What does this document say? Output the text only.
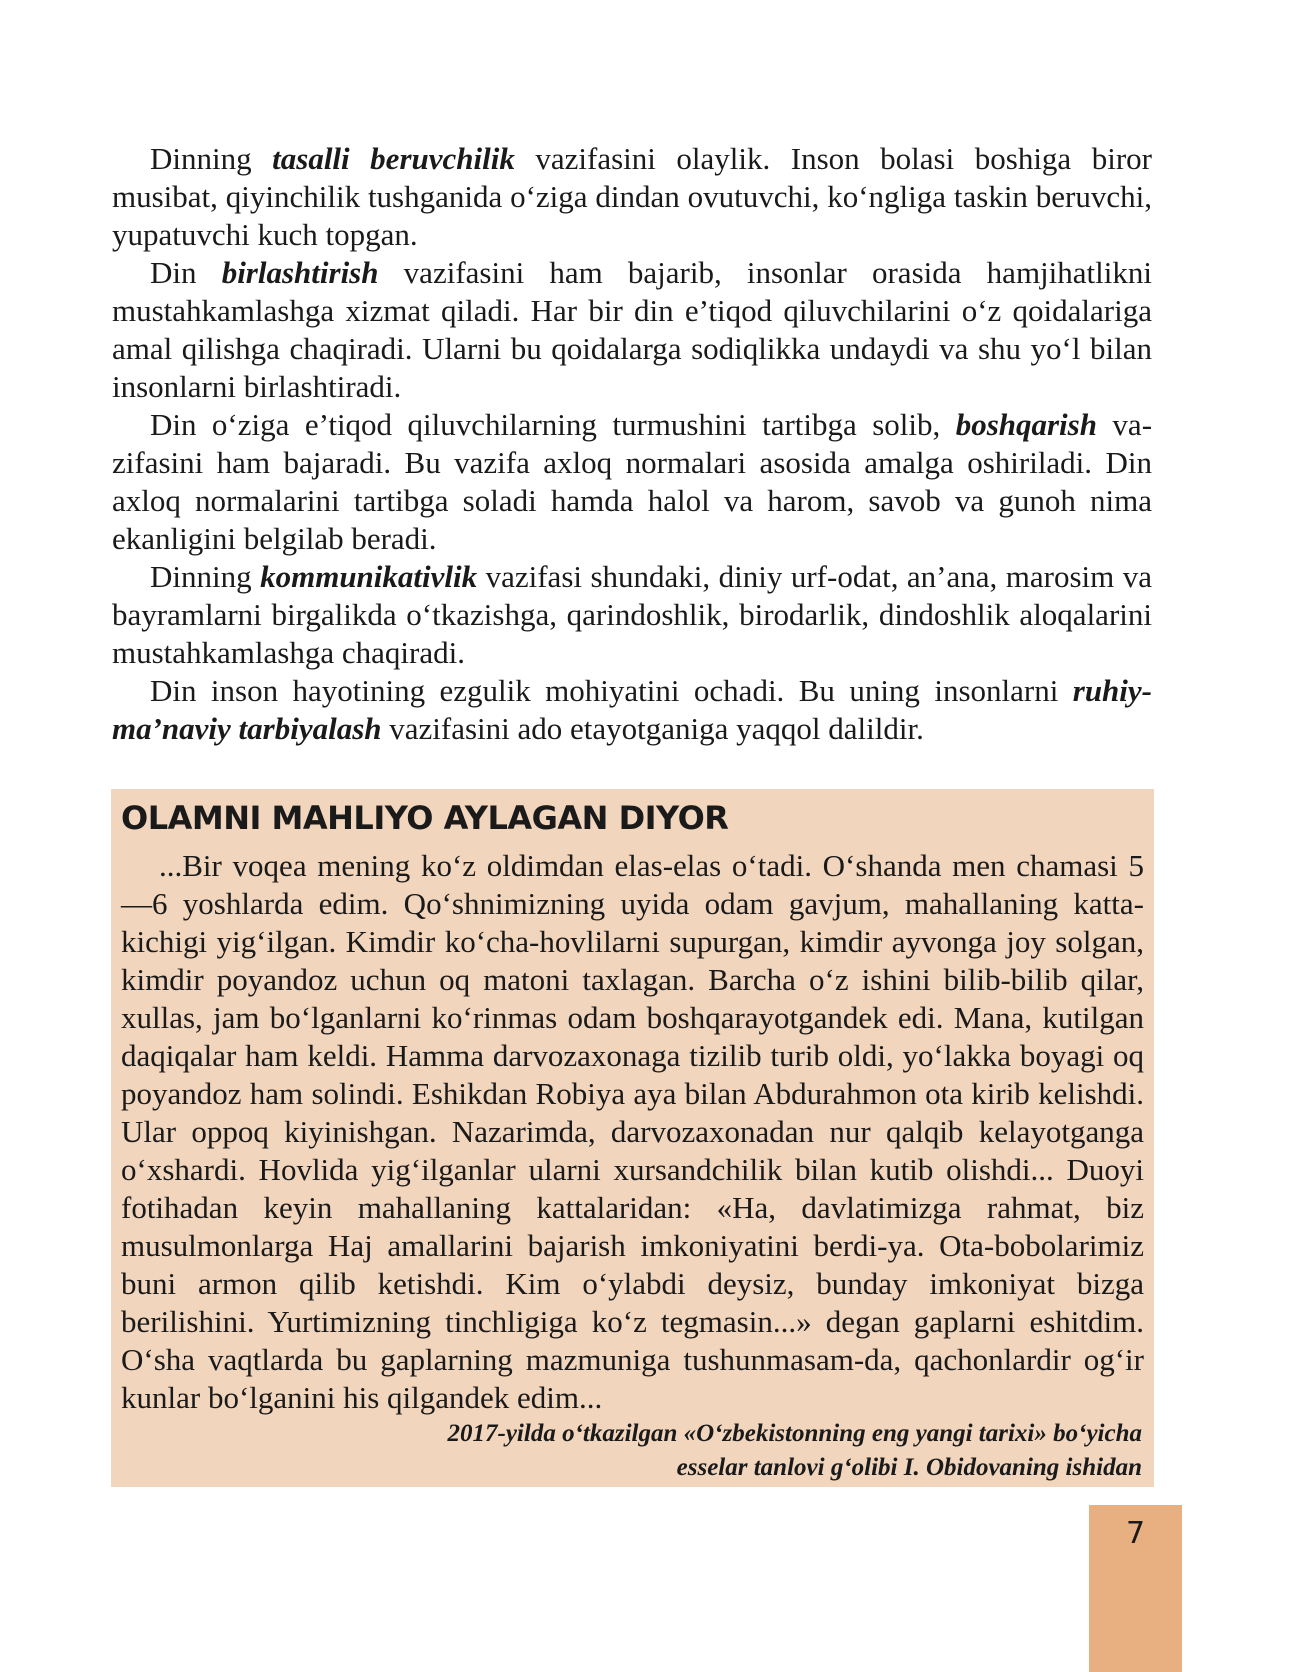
Dinning tasalli beruvchilik vazifasini olaylik. Inson bolasi boshiga biror musibat, qiyinchilik tushganida o‘ziga dindan ovutuvchi, ko‘ngliga taskin beruvchi, yupatuvchi kuch topgan.

Din birlashtirish vazifasini ham bajarib, insonlar orasida hamjihatlikni mustahkamlashga xizmat qiladi. Har bir din e’tiqod qiluvchilarini o‘z qoidalariga amal qilishga chaqiradi. Ularni bu qoidalarga sodiqlikka undaydi va shu yo‘l bilan insonlarni birlashtiradi.

Din o‘ziga e’tiqod qiluvchilarning turmushini tartibga solib, boshqarish vazifasini ham bajaradi. Bu vazifa axloq normalari asosida amalga oshiriladi. Din axloq normalarini tartibga soladi hamda halol va harom, savob va gunoh nima ekanligini belgilab beradi.

Dinning kommunikativlik vazifasi shundaki, diniy urf-odat, an’ana, marosim va bayramlarni birgalikda o‘tkazishga, qarindoshlik, birodarlik, dindoshlik aloqalarini mustahkamlashga chaqiradi.

Din inson hayotining ezgulik mohiyatini ochadi. Bu uning insonlarni ruhiy-ma’naviy tarbiyalash vazifasini ado etayotganiga yaqqol dalildir.

OLAMNI MAHLIYO AYLAGAN DIYOR

...Bir voqea mening ko‘z oldimdan elas-elas o‘tadi. O‘shanda men chamasi 5—6 yoshlarda edim. Qo‘shnimizning uyida odam gavjum, mahallaning kattakichigi yig‘ilgan. Kimdir ko‘cha-hovlilarni supurgan, kimdir ayvonga joy solgan, kimdir poyandoz uchun oq matoni taxlagan. Barcha o‘z ishini bilib-bilib qilar, xullas, jam bo‘lganlarni ko‘rinmas odam boshqarayotgandek edi. Mana, kutilgan daqiqalar ham keldi. Hamma darvozaxonaga tizilib turib oldi, yo‘lakka boyagi oq poyandoz ham solindi. Eshikdan Robiya aya bilan Abdurahmon ota kirib kelishdi. Ular oppoq kiyinishgan. Nazarimda, darvozaxonadan nur qalqib kelayotganga o‘xshardi. Hovlida yig‘ilganlar ularni xursandchilik bilan kutib olishdi... Duoyi fotihadan keyin mahallaning kattalaridan: «Ha, davlatimizga rahmat, biz musulmonlarga Haj amallarini bajarish imkoniyatini berdi-ya. Ota-bobolarimiz buni armon qilib ketishdi. Kim o‘ylabdi deysiz, bunday imkoniyat bizga berilishini. Yurtimizning tinchligiga ko‘z tegmasin...» degan gaplarni eshitdim. O‘sha vaqtlarda bu gaplarning mazmuniga tushunmasam-da, qachonlardir og‘ir kunlar bo‘lganini his qilgandek edim...

2017-yilda o‘tkazilgan «O‘zbekistonning eng yangi tarixi» bo‘yicha
esselar tanlovi g‘olibi I. Obidovaning ishidan

7
